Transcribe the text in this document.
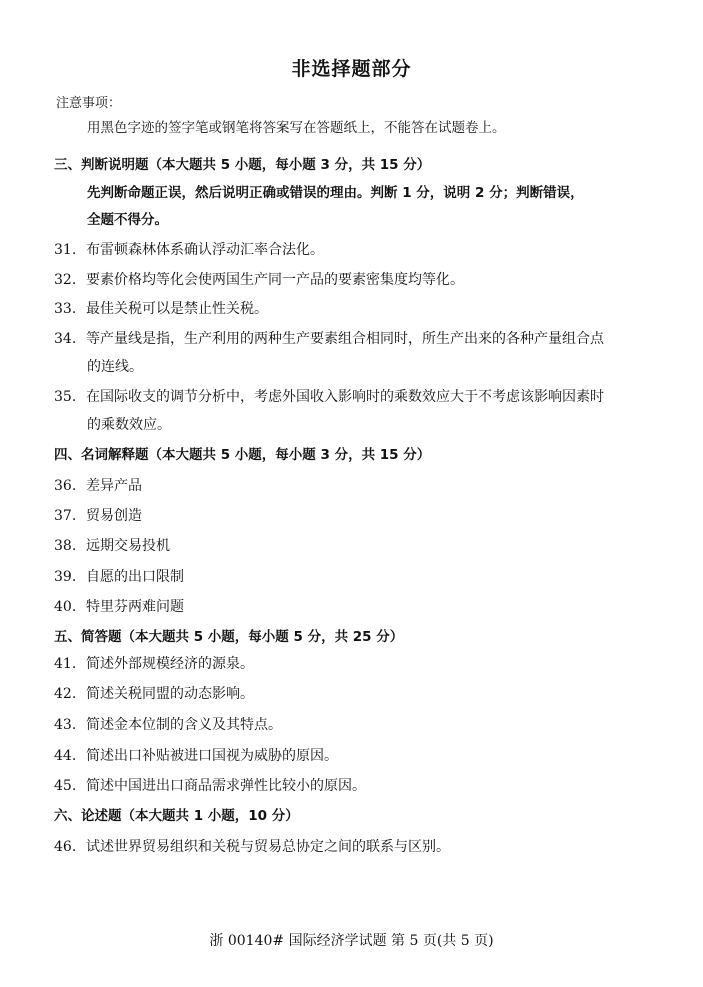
非选择题部分
注意事项：
用黑色字迹的签字笔或钢笔将答案写在答题纸上，不能答在试题卷上。
三、判断说明题（本大题共 5 小题，每小题 3 分，共 15 分）
先判断命题正误，然后说明正确或错误的理由。判断 1 分，说明 2 分；判断错误，
全题不得分。
31. 布雷顿森林体系确认浮动汇率合法化。
32. 要素价格均等化会使两国生产同一产品的要素密集度均等化。
33. 最佳关税可以是禁止性关税。
34. 等产量线是指，生产利用的两种生产要素组合相同时，所生产出来的各种产量组合点
的连线。
35. 在国际收支的调节分析中，考虑外国收入影响时的乘数效应大于不考虑该影响因素时
的乘数效应。
四、名词解释题（本大题共 5 小题，每小题 3 分，共 15 分）
36. 差异产品
37. 贸易创造
38. 远期交易投机
39. 自愿的出口限制
40. 特里芬两难问题
五、简答题（本大题共 5 小题，每小题 5 分，共 25 分）
41. 简述外部规模经济的源泉。
42. 简述关税同盟的动态影响。
43. 简述金本位制的含义及其特点。
44. 简述出口补贴被进口国视为威胁的原因。
45. 简述中国进出口商品需求弹性比较小的原因。
六、论述题（本大题共 1 小题，10 分）
46. 试述世界贸易组织和关税与贸易总协定之间的联系与区别。
浙 00140# 国际经济学试题 第 5 页(共 5 页)
